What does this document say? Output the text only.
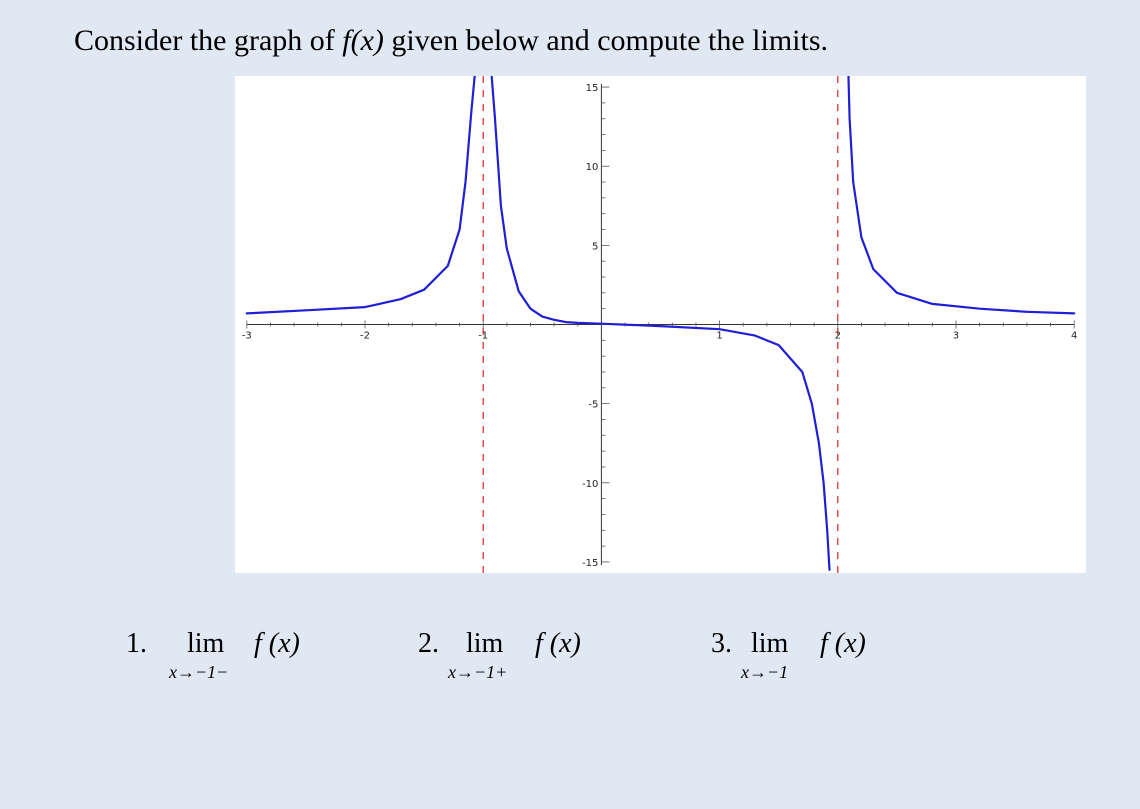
Consider the graph of f(x) given below and compute the limits.
-3	-2	-1	1	2	3	4
15
10
5
-5
-10
-15
1. lim f (x)
x→−1−
2. lim f (x)
x→−1+
3. lim f (x)
x→−1
